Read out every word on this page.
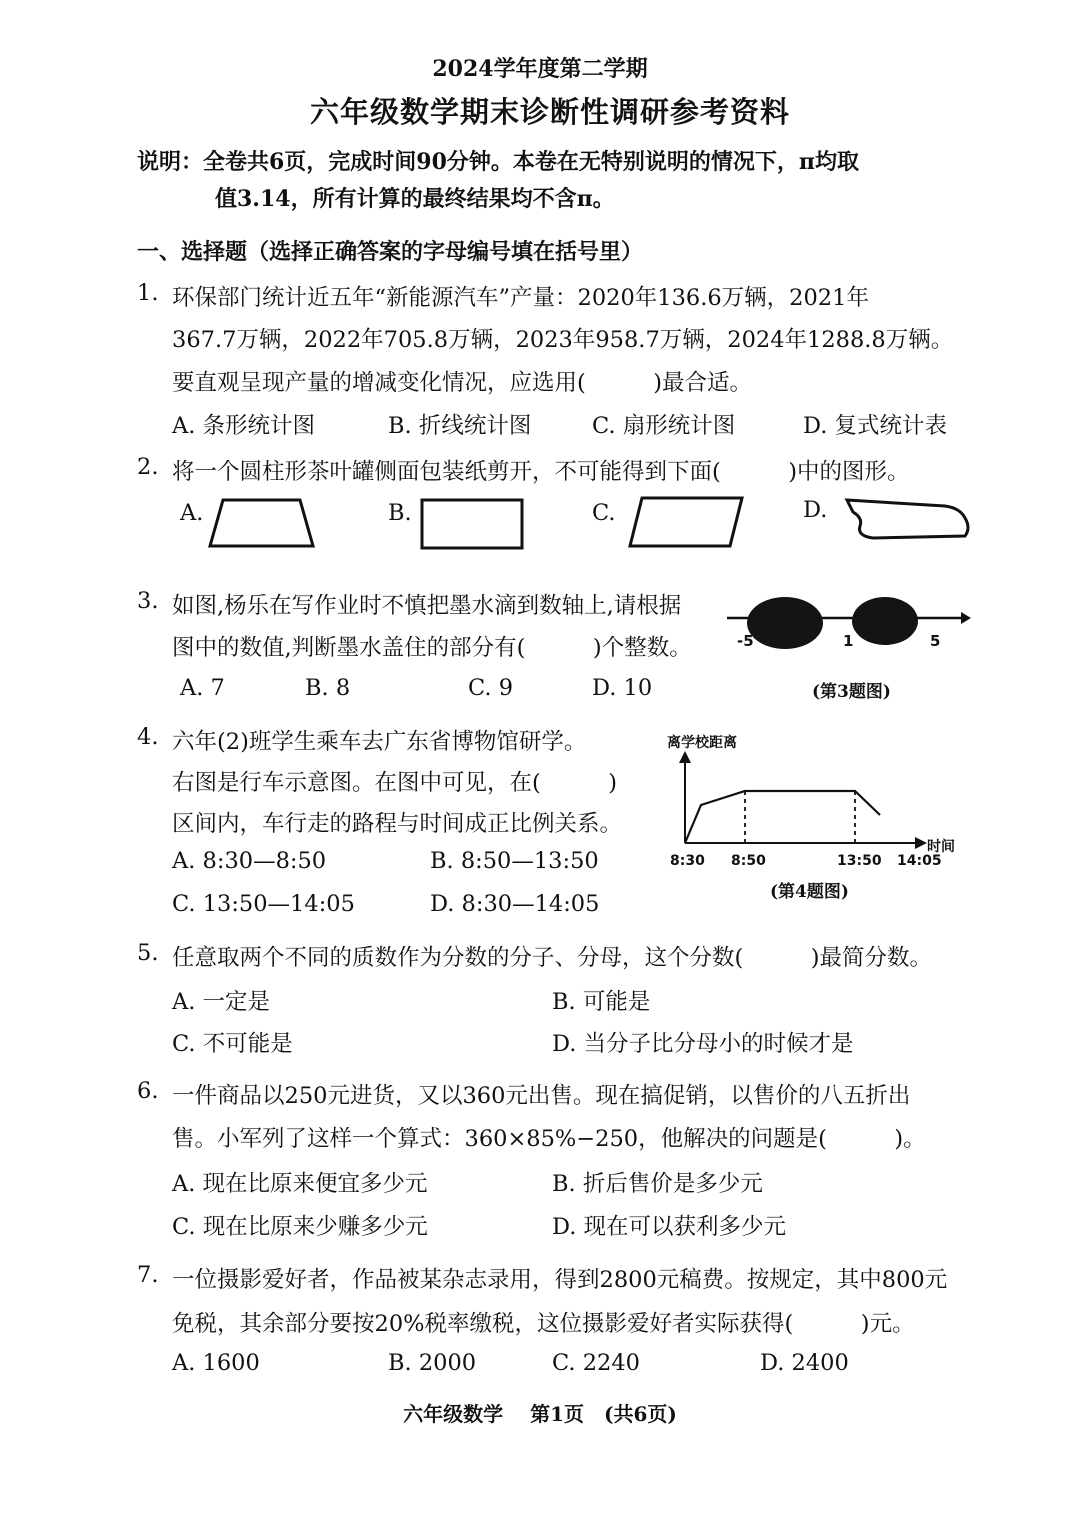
2024学年度第二学期
六年级数学期末诊断性调研参考资料
说明：全卷共6页，完成时间90分钟。本卷在无特别说明的情况下，π均取
值3.14，所有计算的最终结果均不含π。
一、选择题（选择正确答案的字母编号填在括号里）
1. 环保部门统计近五年“新能源汽车”产量：2020年136.6万辆，2021年
367.7万辆，2022年705.8万辆，2023年958.7万辆，2024年1288.8万辆。
要直观呈现产量的增减变化情况，应选用(　　　)最合适。
A. 条形统计图	B. 折线统计图	C. 扇形统计图	D. 复式统计表
2. 将一个圆柱形茶叶罐侧面包装纸剪开，不可能得到下面(　　　)中的图形。
A.	B.	C.	D.
3. 如图,杨乐在写作业时不慎把墨水滴到数轴上,请根据
图中的数值,判断墨水盖住的部分有(　　　)个整数。
A. 7	B. 8	C. 9	D. 10
-5	1	5
(第3题图)
4. 六年(2)班学生乘车去广东省博物馆研学。
右图是行车示意图。在图中可见，在(　　　)
区间内，车行走的路程与时间成正比例关系。
A. 8:30—8:50	B. 8:50—13:50
C. 13:50—14:05	D. 8:30—14:05
离学校距离
时间
8:30 8:50	13:50 14:05
(第4题图)
5. 任意取两个不同的质数作为分数的分子、分母，这个分数(　　　)最简分数。
A. 一定是	B. 可能是
C. 不可能是	D. 当分子比分母小的时候才是
6. 一件商品以250元进货，又以360元出售。现在搞促销，以售价的八五折出
售。小军列了这样一个算式：360×85%−250，他解决的问题是(　　　)。
A. 现在比原来便宜多少元	B. 折后售价是多少元
C. 现在比原来少赚多少元	D. 现在可以获利多少元
7. 一位摄影爱好者，作品被某杂志录用，得到2800元稿费。按规定，其中800元
免税，其余部分要按20%税率缴税，这位摄影爱好者实际获得(　　　)元。
A. 1600	B. 2000	C. 2240	D. 2400
六年级数学　 第1页　(共6页)
